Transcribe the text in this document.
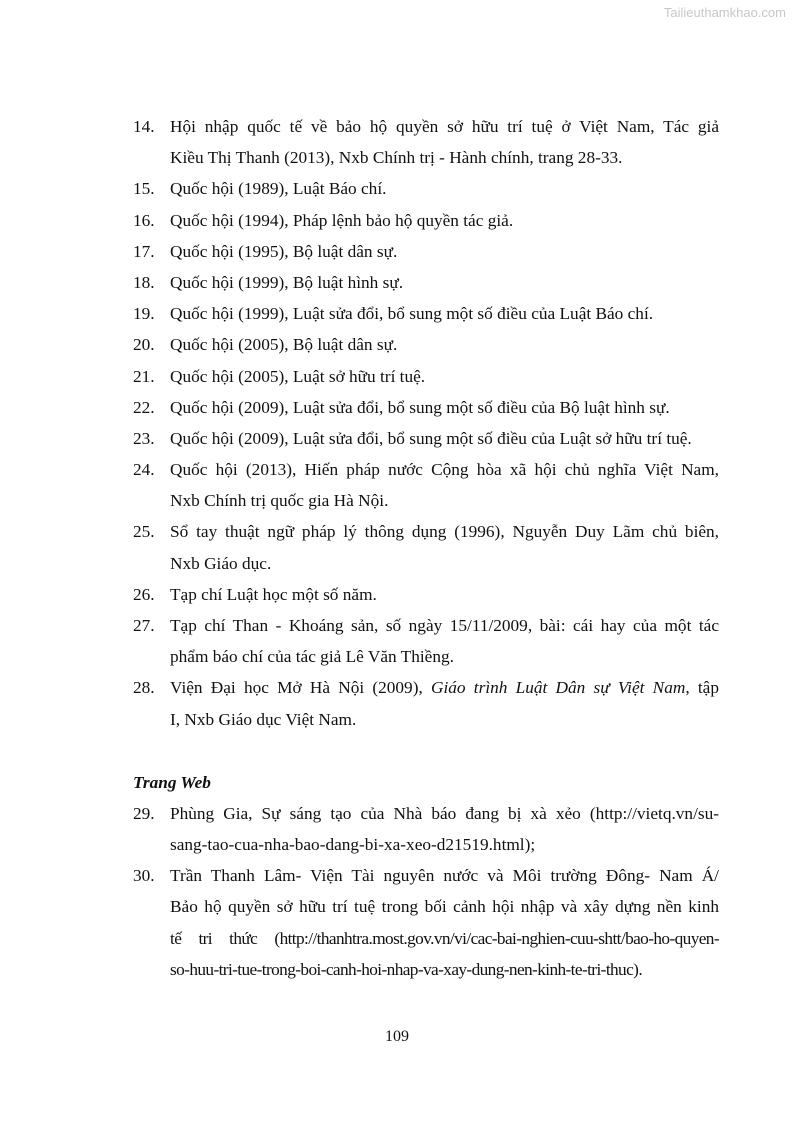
Tailieuthamkhao.com
14. Hội nhập quốc tế về bảo hộ quyền sở hữu trí tuệ ở Việt Nam, Tác giả
Kiều Thị Thanh (2013), Nxb Chính trị - Hành chính, trang 28-33.
15. Quốc hội (1989), Luật Báo chí.
16. Quốc hội (1994), Pháp lệnh bảo hộ quyền tác giả.
17. Quốc hội (1995), Bộ luật dân sự.
18. Quốc hội (1999), Bộ luật hình sự.
19. Quốc hội (1999), Luật sửa đổi, bổ sung một số điều của Luật Báo chí.
20. Quốc hội (2005), Bộ luật dân sự.
21. Quốc hội (2005), Luật sở hữu trí tuệ.
22. Quốc hội (2009), Luật sửa đổi, bổ sung một số điều của Bộ luật hình sự.
23. Quốc hội (2009), Luật sửa đổi, bổ sung một số điều của Luật sở hữu trí tuệ.
24. Quốc hội (2013), Hiến pháp nước Cộng hòa xã hội chủ nghĩa Việt Nam,
Nxb Chính trị quốc gia Hà Nội.
25. Sổ tay thuật ngữ pháp lý thông dụng (1996), Nguyễn Duy Lãm chủ biên,
Nxb Giáo dục.
26. Tạp chí Luật học một số năm.
27. Tạp chí Than - Khoáng sản, số ngày 15/11/2009, bài: cái hay của một tác
phẩm báo chí của tác giả Lê Văn Thiềng.
28. Viện Đại học Mở Hà Nội (2009), Giáo trình Luật Dân sự Việt Nam, tập
I, Nxb Giáo dục Việt Nam.
Trang Web
29. Phùng Gia, Sự sáng tạo của Nhà báo đang bị xà xẻo (http://vietq.vn/su-
sang-tao-cua-nha-bao-dang-bi-xa-xeo-d21519.html);
30. Trần Thanh Lâm- Viện Tài nguyên nước và Môi trường Đông- Nam Á/
Bảo hộ quyền sở hữu trí tuệ trong bối cảnh hội nhập và xây dựng nền kinh
tế tri thức (http://thanhtra.most.gov.vn/vi/cac-bai-nghien-cuu-shtt/bao-ho-quyen-
so-huu-tri-tue-trong-boi-canh-hoi-nhap-va-xay-dung-nen-kinh-te-tri-thuc).
109
